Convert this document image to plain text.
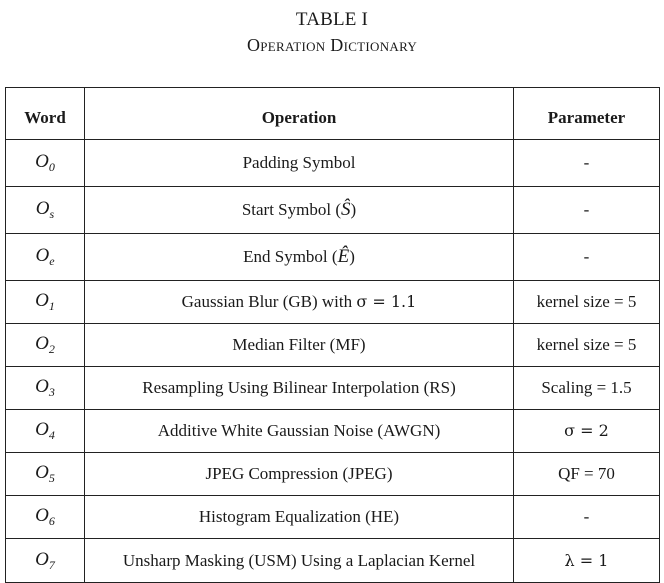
TABLE I
Operation Dictionary
Word	Operation	Parameter
$O_0$	Padding Symbol	-
$O_s$	Start Symbol (Ŝ)	-
$O_e$	End Symbol (Ê)	-
$O_1$	Gaussian Blur (GB) with σ = 1.1	kernel size = 5
$O_2$	Median Filter (MF)	kernel size = 5
$O_3$	Resampling Using Bilinear Interpolation (RS)	Scaling = 1.5
$O_4$	Additive White Gaussian Noise (AWGN)	σ = 2
$O_5$	JPEG Compression (JPEG)	QF = 70
$O_6$	Histogram Equalization (HE)	-
$O_7$	Unsharp Masking (USM) Using a Laplacian Kernel	λ = 1
